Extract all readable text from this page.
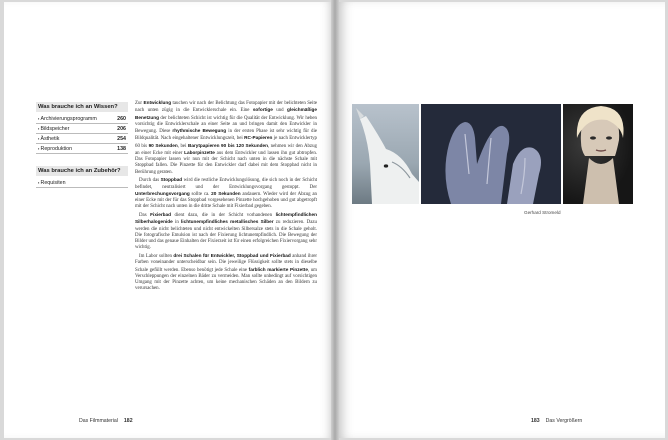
Was brauche ich an Wissen?
▪ Archivierungsprogramm	260
▪ Bildspeicher	206
▪ Ästhetik	254
▪ Reproduktion	138
Was brauche ich an Zubehör?
▪ Requisiten

Zur Entwicklung tauchen wir nach der Belichtung das Fotopapier mit der belichteten Seite nach unten zügig in die Entwicklerschale ein. Eine sofortige und gleichmäßige Benetzung der belichteten Schicht ist wichtig für die Qualität der Entwicklung. Wir heben vorsichtig die Entwicklerschale an einer Seite an und bringen damit den Entwickler in Bewegung. Diese rhythmische Bewegung in der ersten Phase ist sehr wichtig für die Bildqualität. Nach eingehaltener Entwicklungszeit, bei RC-Papieren je nach Entwicklertyp 60 bis 90 Sekunden, bei Barytpapieren 90 bis 120 Sekunden, nehmen wir den Abzug an einer Ecke mit einer Laborpinzette aus dem Entwickler und lassen ihn gut abtropfen. Das Fotopapier lassen wir nun mit der Schicht nach unten in die nächste Schale mit Stoppbad fallen. Die Pinzette für den Entwickler darf dabei mit dem Stoppbad nicht in Berührung geraten.

Durch das Stoppbad wird die restliche Entwicklungslösung, die sich noch in der Schicht befindet, neutralisiert und der Entwicklungsvorgang gestoppt. Der Unterbrechungsvorgang sollte ca. 20 Sekunden andauern. Wieder wird der Abzug an einer Ecke mit der für das Stoppbad vorgesehenen Pinzette hochgehoben und gut abgetropft mit der Schicht nach unten in die dritte Schale mit Fixierbad gegeben.

Das Fixierbad dient dazu, die in der Schicht vorhandenen lichtempfindlichen Silberhalogenide in lichtunempfindliches metallisches Silber zu reduzieren. Dazu werden die nicht belichteten und nicht entwickelten Silbersalze stets in die Schale geholt. Die fotografische Emulsion ist nach der Fixierung lichtunempfindlich. Die Bewegung der Bilder und das genaue Einhalten der Fixierzeit ist für einen erfolgreichen Fixiervorgang sehr wichtig.

Im Labor sollten drei Schalen für Entwickler, Stoppbad und Fixierbad anhand ihrer Farben voneinander unterscheidbar sein. Die jeweilige Flüssigkeit sollte stets in dieselbe Schale gefüllt werden. Ebenso benötigt jede Schale eine farblich markierte Pinzette, um Verschleppungen der einzelnen Bäder zu vermeiden. Man sollte unbedingt auf vorsichtigen Umgang mit der Pinzette achten, um keine mechanischen Schäden an den Bildern zu verursachen.

Das Filmmaterial 182
Gerhard Stromeld
183 Das Vergrößern
